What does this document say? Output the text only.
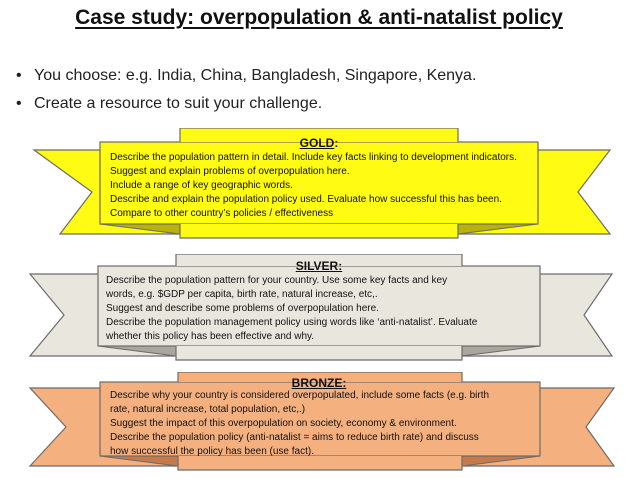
Case study: overpopulation & anti-natalist policy
• You choose: e.g. India, China, Bangladesh, Singapore, Kenya.
• Create a resource to suit your challenge.
GOLD:
Describe the population pattern in detail. Include key facts linking to development indicators.
Suggest and explain problems of overpopulation here.
Include a range of key geographic words.
Describe and explain the population policy used. Evaluate how successful this has been.
Compare to other country’s policies / effectiveness
SILVER:
Describe the population pattern for your country. Use some key facts and key
words, e.g. $GDP per capita, birth rate, natural increase, etc,.
Suggest and describe some problems of overpopulation here.
Describe the population management policy using words like ‘anti-natalist’. Evaluate
whether this policy has been effective and why.
BRONZE:
Describe why your country is considered overpopulated, include some facts (e.g. birth
rate, natural increase, total population, etc,.)
Suggest the impact of this overpopulation on society, economy & environment.
Describe the population policy (anti-natalist = aims to reduce birth rate) and discuss
how successful the policy has been (use fact).
